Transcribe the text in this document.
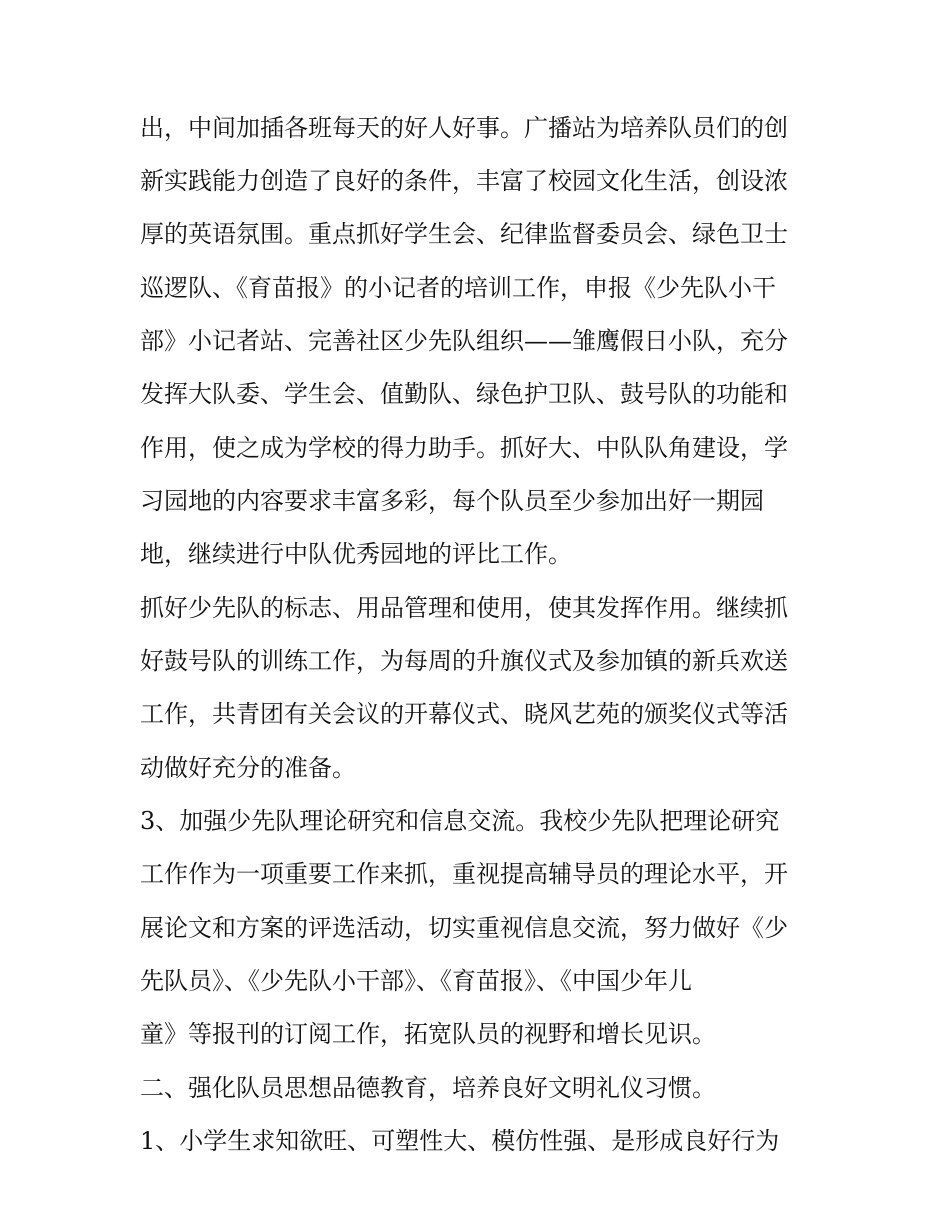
出，中间加插各班每天的好人好事。广播站为培养队员们的创
新实践能力创造了良好的条件，丰富了校园文化生活，创设浓
厚的英语氛围。重点抓好学生会、纪律监督委员会、绿色卫士
巡逻队、《育苗报》的小记者的培训工作，申报《少先队小干
部》小记者站、完善社区少先队组织——雏鹰假日小队，充分
发挥大队委、学生会、值勤队、绿色护卫队、鼓号队的功能和
作用，使之成为学校的得力助手。抓好大、中队队角建设，学
习园地的内容要求丰富多彩，每个队员至少参加出好一期园
地，继续进行中队优秀园地的评比工作。
抓好少先队的标志、用品管理和使用，使其发挥作用。继续抓
好鼓号队的训练工作，为每周的升旗仪式及参加镇的新兵欢送
工作，共青团有关会议的开幕仪式、晓风艺苑的颁奖仪式等活
动做好充分的准备。
3、加强少先队理论研究和信息交流。我校少先队把理论研究
工作作为一项重要工作来抓，重视提高辅导员的理论水平，开
展论文和方案的评选活动，切实重视信息交流，努力做好《少
先队员》、《少先队小干部》、《育苗报》、《中国少年儿
童》等报刊的订阅工作，拓宽队员的视野和增长见识。
二、强化队员思想品德教育，培养良好文明礼仪习惯。
1、小学生求知欲旺、可塑性大、模仿性强、是形成良好行为
